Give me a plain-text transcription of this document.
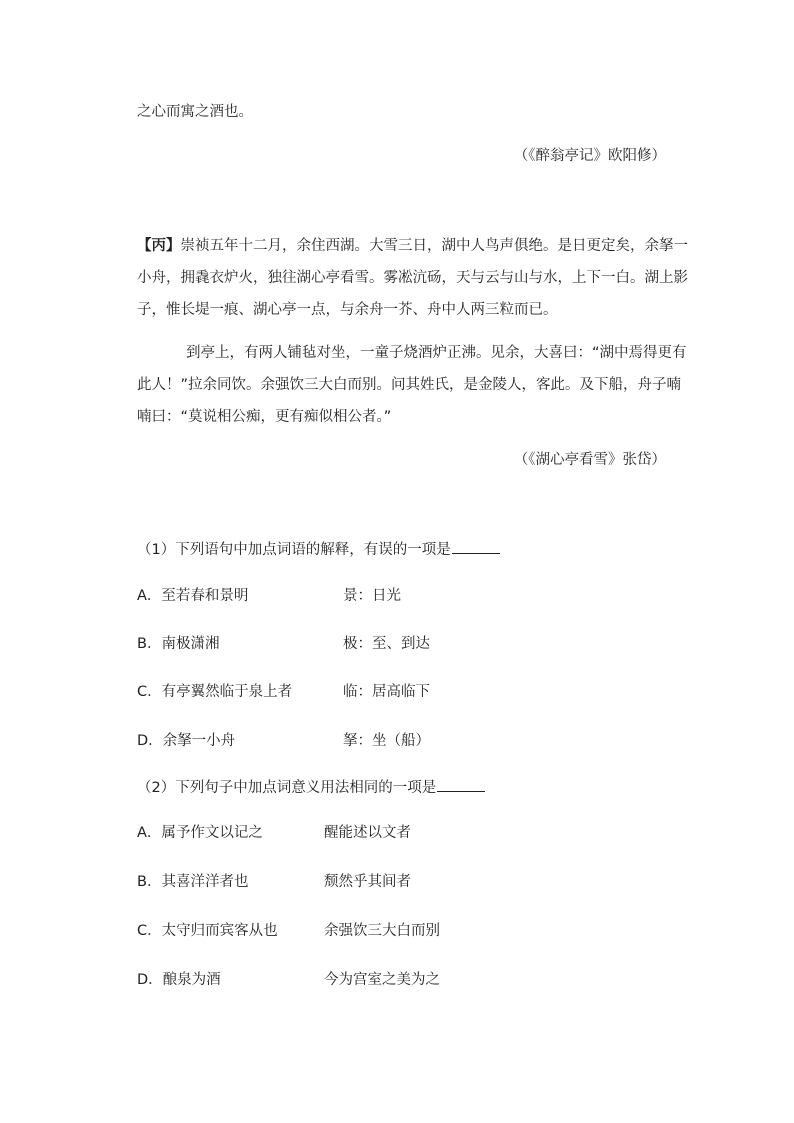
之心而寓之酒也。
（《醉翁亭记》欧阳修）
【丙】崇祯五年十二月，余住西湖。大雪三日，湖中人鸟声俱绝。是日更定矣，余拏一
小舟，拥毳衣炉火，独往湖心亭看雪。雾凇沆砀，天与云与山与水，上下一白。湖上影
子，惟长堤一痕、湖心亭一点，与余舟一芥、舟中人两三粒而已。
到亭上，有两人铺毡对坐，一童子烧酒炉正沸。见余，大喜曰：“湖中焉得更有
此人！”拉余同饮。余强饮三大白而别。问其姓氏，是金陵人，客此。及下船，舟子喃
喃曰：“莫说相公痴，更有痴似相公者。”
（《湖心亭看雪》张岱）
（1）下列语句中加点词语的解释，有误的一项是
A．至若春和景明	景：日光
B．南极潇湘	极：至、到达
C．有亭翼然临于泉上者	临：居高临下
D．余拏一小舟	拏：坐（船）
（2）下列句子中加点词意义用法相同的一项是
A．属予作文以记之	醒能述以文者
B．其喜洋洋者也	颓然乎其间者
C．太守归而宾客从也	余强饮三大白而别
D．酿泉为酒	今为宫室之美为之
